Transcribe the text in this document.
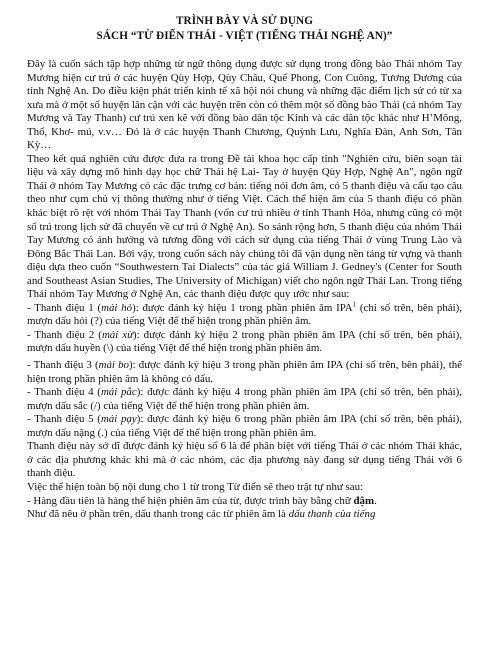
TRÌNH BÀY VÀ SỬ DỤNG

SÁCH “TỪ ĐIỂN THÁI - VIỆT (TIẾNG THÁI NGHỆ AN)”

Đây là cuốn sách tập hợp những từ ngữ thông dụng được sử dụng trong đồng bào Thái nhóm Tay Mương hiện cư trú ở các huyện Qùy Hợp, Qùy Châu, Quế Phong, Con Cuông, Tương Dương của tỉnh Nghệ An. Do điều kiện phát triển kinh tế xã hội nói chung và những đặc điểm lịch sử có từ xa xưa mà ở một số huyện lân cận với các huyện trên còn có thêm một số đồng bào Thái (cả nhóm Tay Mương và Tay Thanh) cư trú xen kẽ với đồng bào dân tộc Kinh và các dân tộc khác như H’Mông, Thổ, Khơ- mú, v.v… Đó là ở các huyện Thanh Chương, Quỳnh Lưu, Nghĩa Đàn, Anh Sơn, Tân Kỳ…

Theo kết quả nghiên cứu được đưa ra trong Đề tài khoa học cấp tỉnh "Nghiên cứu, biên soạn tài liệu và xây dựng mô hình dạy học chữ Thái hệ Lai- Tay ở huyện Qùy Hợp, Nghệ An", ngôn ngữ Thái ở nhóm Tay Mương có các đặc trưng cơ bản: tiếng nói đơn âm, có 5 thanh điệu và cấu tạo câu theo như cụm chủ vị thông thường như ở tiếng Việt. Cách thể hiện âm của 5 thanh điệu có phần khác biệt rõ rệt với nhóm Thái Tay Thanh (vốn cư trú nhiều ở tỉnh Thanh Hóa, nhưng cũng có một số trú trong lịch sử đã chuyển về cư trú ở Nghệ An). So sánh rộng hơn, 5 thanh điệu của nhóm Thái Tay Mương có ảnh hưởng và tương đồng với cách sử dụng của tiếng Thái ở vùng Trung Lào và Đông Bắc Thái Lan. Bởi vậy, trong cuốn sách này chúng tôi đã vận dụng nền tảng từ vựng và thanh điệu dựa theo cuốn “Southwestern Tai Dialects” của tác giả William J. Gedney's (Center for South and Southeast Asian Studies, The University of Michigan) viết cho ngôn ngữ Thái Lan. Trong tiếng Thái nhóm Tay Mương ở Nghệ An, các thanh điệu được quy ước như sau:

- Thanh điệu 1 (mải hỏ): được đánh ký hiệu 1 trong phần phiên âm IPA$^1$ (chỉ số trên, bên phải), mượn dấu hỏi (?) của tiếng Việt để thể hiện trong phần phiên âm.

- Thanh điệu 2 (mải xừ): được đánh ký hiệu 2 trong phần phiên âm IPA (chỉ số trên, bên phải), mượn dấu huyền (\) của tiếng Việt để thể hiện trong phần phiên âm.

- Thanh điệu 3 (mải bo): được đánh ký hiệu 3 trong phần phiên âm IPA (chỉ số trên, bên phải), thể hiện trong phần phiên âm là không có dấu.

- Thanh điệu 4 (mải pắc): được đánh ký hiệu 4 trong phần phiên âm IPA (chỉ số trên, bên phải), mượn dấu sắc (/) của tiếng Việt để thể hiện trong phần phiên âm.

- Thanh điệu 5 (mải pạy): được đánh ký hiệu 6 trong phần phiên âm IPA (chỉ số trên, bên phải), mượn dấu nặng (.) của tiếng Việt để thể hiện trong phần phiên âm.

Thanh điệu này sở dĩ được đánh ký hiệu số 6 là để phân biệt với tiếng Thái ở các nhóm Thái khác, ở các địa phương khác khi mà ở các nhóm, các địa phương này đang sử dụng tiếng Thái với 6 thanh điệu.

Việc thể hiện toàn bộ nội dung cho 1 từ trong Từ điển sẽ theo trật tự như sau:

- Hàng đầu tiên là hàng thể hiện phiên âm của từ, được trình bày bằng chữ đậm.

Như đã nêu ở phần trên, dấu thanh trong các từ phiên âm là dấu thanh của tiếng
